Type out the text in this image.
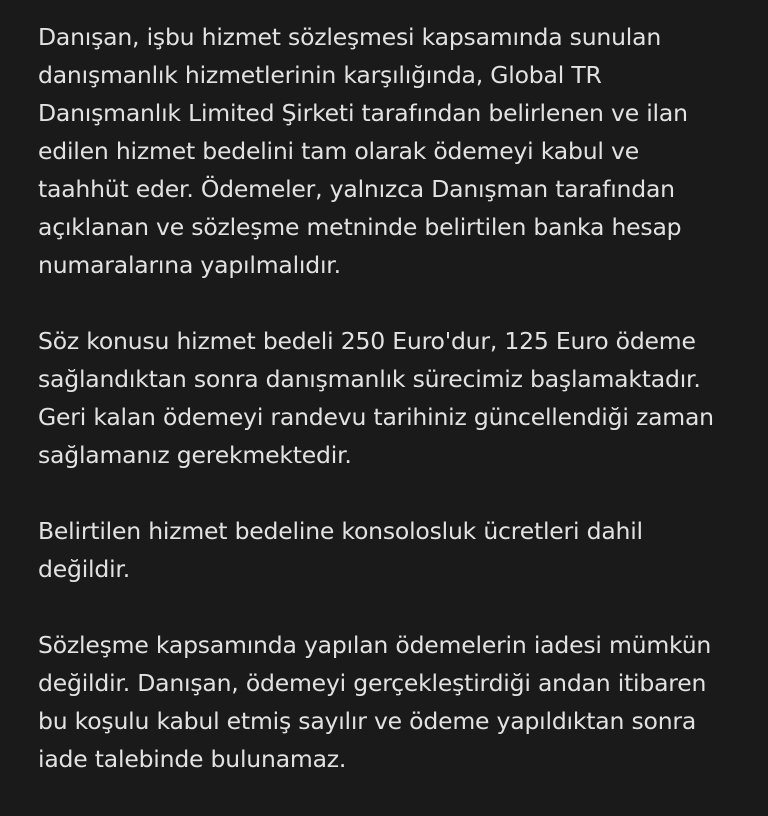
Danışan, işbu hizmet sözleşmesi kapsamında sunulan
danışmanlık hizmetlerinin karşılığında, Global TR
Danışmanlık Limited Şirketi tarafından belirlenen ve ilan
edilen hizmet bedelini tam olarak ödemeyi kabul ve
taahhüt eder. Ödemeler, yalnızca Danışman tarafından
açıklanan ve sözleşme metninde belirtilen banka hesap
numaralarına yapılmalıdır.

Söz konusu hizmet bedeli 250 Euro'dur, 125 Euro ödeme
sağlandıktan sonra danışmanlık sürecimiz başlamaktadır.
Geri kalan ödemeyi randevu tarihiniz güncellendiği zaman
sağlamanız gerekmektedir.

Belirtilen hizmet bedeline konsolosluk ücretleri dahil
değildir.

Sözleşme kapsamında yapılan ödemelerin iadesi mümkün
değildir. Danışan, ödemeyi gerçekleştirdiği andan itibaren
bu koşulu kabul etmiş sayılır ve ödeme yapıldıktan sonra
iade talebinde bulunamaz.
